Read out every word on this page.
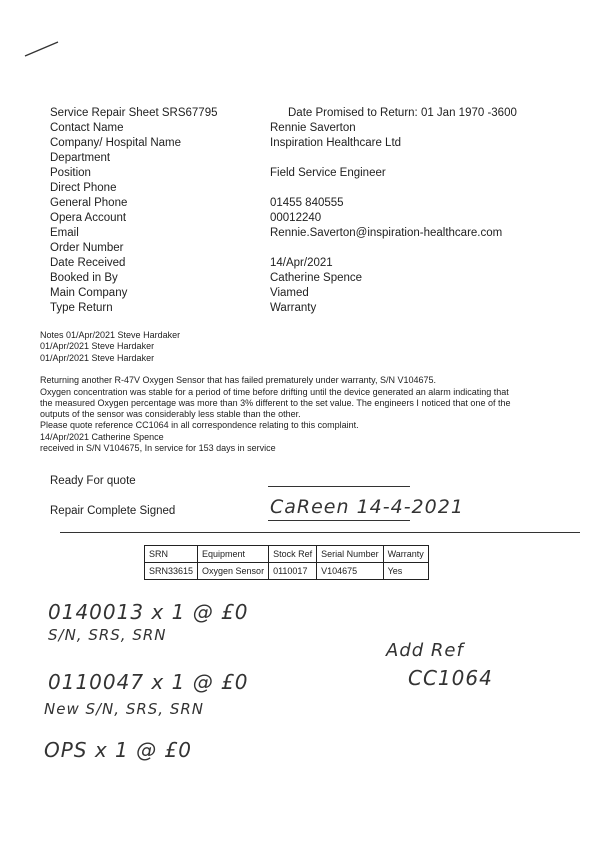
Service Repair Sheet SRS67795	Date Promised to Return: 01 Jan 1970 -3600
Contact Name	Rennie Saverton
Company/ Hospital Name	Inspiration Healthcare Ltd
Department
Position	Field Service Engineer
Direct Phone
General Phone	01455 840555
Opera Account	00012240
Email	Rennie.Saverton@inspiration-healthcare.com
Order Number
Date Received	14/Apr/2021
Booked in By	Catherine Spence
Main Company	Viamed
Type Return	Warranty
Notes 01/Apr/2021 Steve Hardaker
01/Apr/2021 Steve Hardaker
01/Apr/2021 Steve Hardaker
Returning another R-47V Oxygen Sensor that has failed prematurely under warranty, S/N V104675.
Oxygen concentration was stable for a period of time before drifting until the device generated an alarm indicating that
the measured Oxygen percentage was more than 3% different to the set value. The engineers I noticed that one of the
outputs of the sensor was considerably less stable than the other.
Please quote reference CC1064 in all correspondence relating to this complaint.
14/Apr/2021 Catherine Spence
received in S/N V104675, In service for 153 days in service
Ready For quote
Repair Complete Signed	CaReen 14-4-2021
SRN	Equipment	Stock Ref	Serial Number	Warranty
SRN33615	Oxygen Sensor	0110017	V104675	Yes
0140013 x 1 @ £0
S/N, SRS, SRN
0110047 x 1 @ £0
New S/N, SRS, SRN
OPS x 1 @ £0
Add Ref
CC1064
